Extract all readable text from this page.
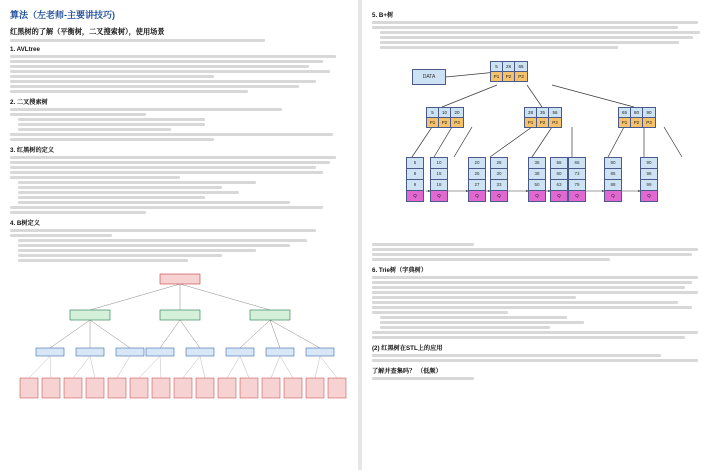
算法（左老师-主要讲技巧)
红黑树的了解（平衡树，二叉搜索树），使用场景
1. AVLtree
2. 二叉搜索树
3. 红黑树的定义
4. B树定义
5. B+树
DATA
5	28	65
P1	P2	P3
5	10	20
P1	P2	P3
28	35	56
P1	P2	P3
65	80	90
P1	P2	P3
5
8
9
Q
10
15
18
Q
20
26
27
Q
28
30
33
Q
35
38
50
Q
56
60
63
Q
65
73
79
Q
80
85
88
Q
90
96
99
Q
6. Trie树（字典树）
(2) 红黑树在STL上的应用
了解并查集吗？ （低频）
